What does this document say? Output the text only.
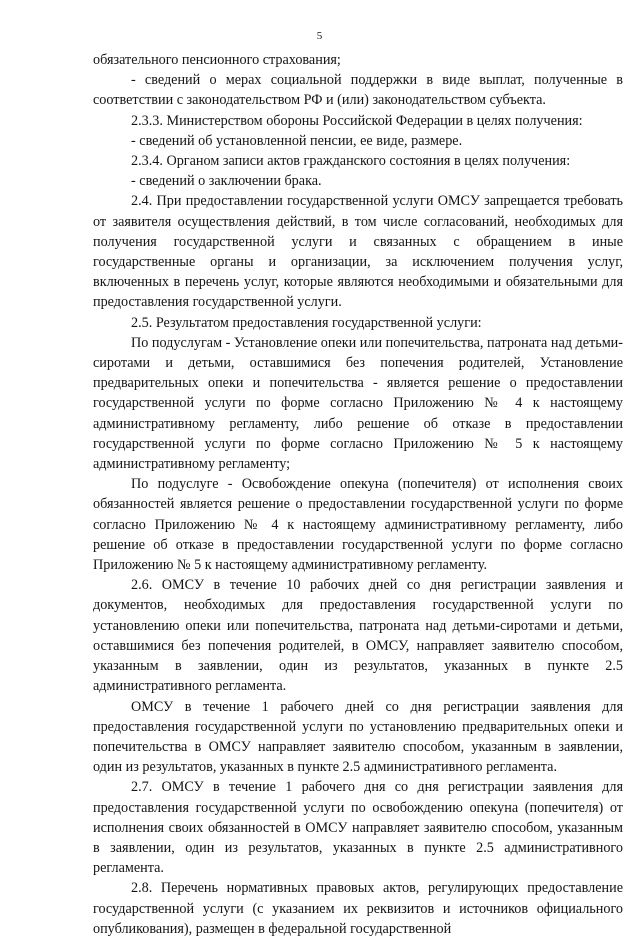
5

обязательного пенсионного страхования;

- сведений о мерах социальной поддержки в виде выплат, полученные в соответствии с законодательством РФ и (или) законодательством субъекта.

2.3.3. Министерством обороны Российской Федерации в целях получения:

- сведений об установленной пенсии, ее виде, размере.

2.3.4. Органом записи актов гражданского состояния в целях получения:

- сведений о заключении брака.

2.4. При предоставлении государственной услуги ОМСУ запрещается требовать от заявителя осуществления действий, в том числе согласований, необходимых для получения государственной услуги и связанных с обращением в иные государственные органы и организации, за исключением получения услуг, включенных в перечень услуг, которые являются необходимыми и обязательными для предоставления государственной услуги.

2.5. Результатом предоставления государственной услуги:

По подуслугам - Установление опеки или попечительства, патроната над детьми-сиротами и детьми, оставшимися без попечения родителей, Установление предварительных опеки и попечительства - является решение о предоставлении государственной услуги по форме согласно Приложению № 4 к настоящему административному регламенту, либо решение об отказе в предоставлении государственной услуги по форме согласно Приложению № 5 к настоящему административному регламенту;

По подуслуге - Освобождение опекуна (попечителя) от исполнения своих обязанностей является решение о предоставлении государственной услуги по форме согласно Приложению № 4 к настоящему административному регламенту, либо решение об отказе в предоставлении государственной услуги по форме согласно Приложению № 5 к настоящему административному регламенту.

2.6. ОМСУ в течение 10 рабочих дней со дня регистрации заявления и документов, необходимых для предоставления государственной услуги по установлению опеки или попечительства, патроната над детьми-сиротами и детьми, оставшимися без попечения родителей, в ОМСУ, направляет заявителю способом, указанным в заявлении, один из результатов, указанных в пункте 2.5 административного регламента.

ОМСУ в течение 1 рабочего дней со дня регистрации заявления для предоставления государственной услуги по установлению предварительных опеки и попечительства в ОМСУ направляет заявителю способом, указанным в заявлении, один из результатов, указанных в пункте 2.5 административного регламента.

2.7. ОМСУ в течение 1 рабочего дня со дня регистрации заявления для предоставления государственной услуги по освобождению опекуна (попечителя) от исполнения своих обязанностей в ОМСУ направляет заявителю способом, указанным в заявлении, один из результатов, указанных в пункте 2.5 административного регламента.

2.8. Перечень нормативных правовых актов, регулирующих предоставление государственной услуги (с указанием их реквизитов и источников официального опубликования), размещен в федеральной государственной
